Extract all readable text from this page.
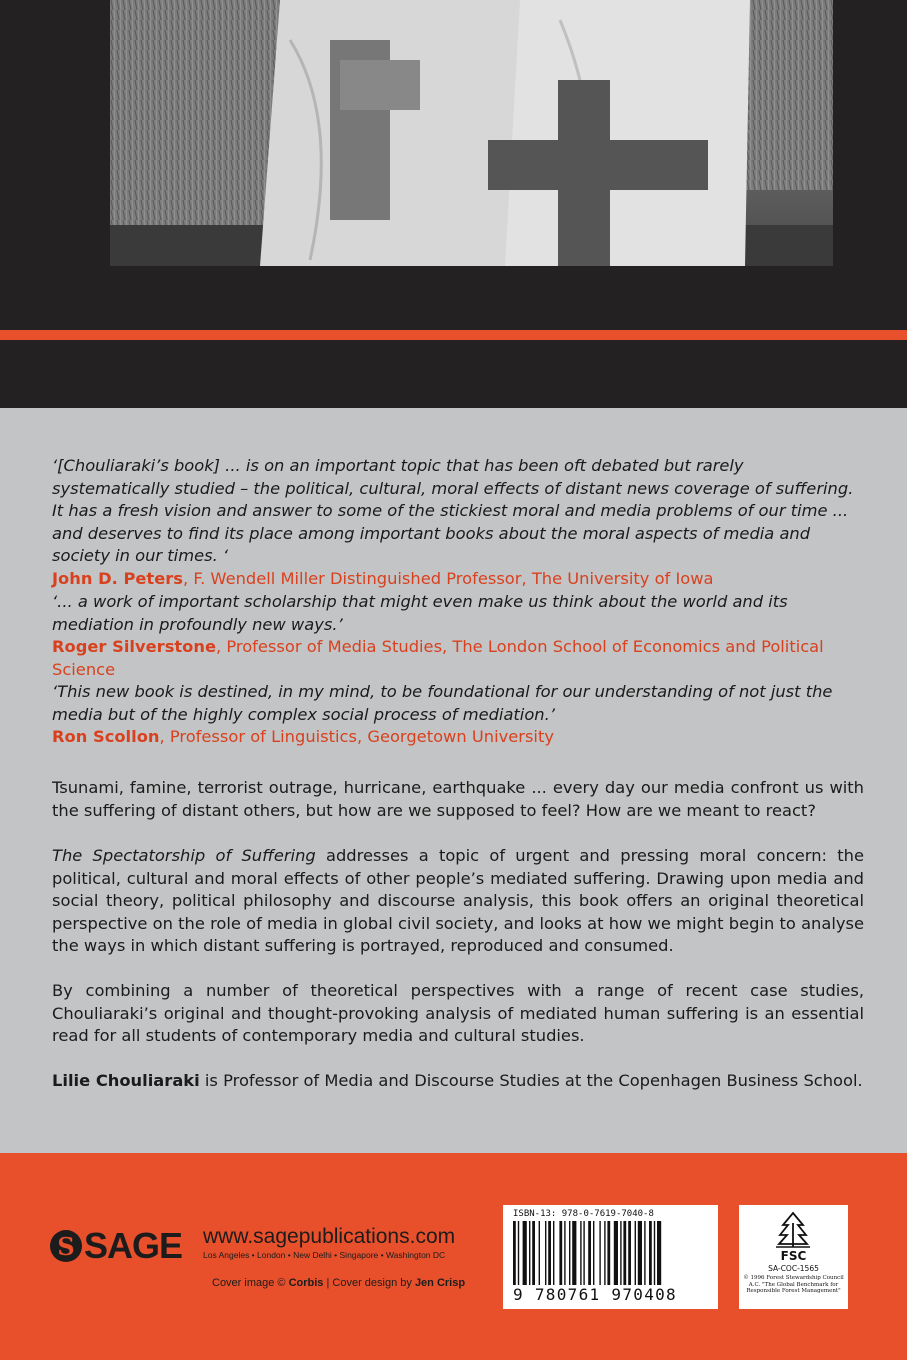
‘[Chouliaraki’s book] ... is on an important topic that has been oft debated but rarely systematically studied – the political, cultural, moral effects of distant news coverage of suffering. It has a fresh vision and answer to some of the stickiest moral and media problems of our time ... and deserves to find its place among important books about the moral aspects of media and society in our times. ‘
John D. Peters, F. Wendell Miller Distinguished Professor, The University of Iowa
‘... a work of important scholarship that might even make us think about the world and its mediation in profoundly new ways.’
Roger Silverstone, Professor of Media Studies, The London School of Economics and Political Science
‘This new book is destined, in my mind, to be foundational for our understanding of not just the media but of the highly complex social process of mediation.’
Ron Scollon, Professor of Linguistics, Georgetown University
Tsunami, famine, terrorist outrage, hurricane, earthquake ... every day our media confront us with the suffering of distant others, but how are we supposed to feel? How are we meant to react?
The Spectatorship of Suffering addresses a topic of urgent and pressing moral concern: the political, cultural and moral effects of other people’s mediated suffering. Drawing upon media and social theory, political philosophy and discourse analysis, this book offers an original theoretical perspective on the role of media in global civil society, and looks at how we might begin to analyse the ways in which distant suffering is portrayed, reproduced and consumed.
By combining a number of theoretical perspectives with a range of recent case studies, Chouliaraki’s original and thought-provoking analysis of mediated human suffering is an essential read for all students of contemporary media and cultural studies.
Lilie Chouliaraki is Professor of Media and Discourse Studies at the Copenhagen Business School.
S SAGE www.sagepublications.com
Los Angeles • London • New Delhi • Singapore • Washington DC
Cover image © Corbis | Cover design by Jen Crisp
ISBN-13: 978-0-7619-7040-8
9 780761 970408
FSC
SA-COC-1565
© 1996 Forest Stewardship Council A.C. "The Global Benchmark for Responsible Forest Management"
